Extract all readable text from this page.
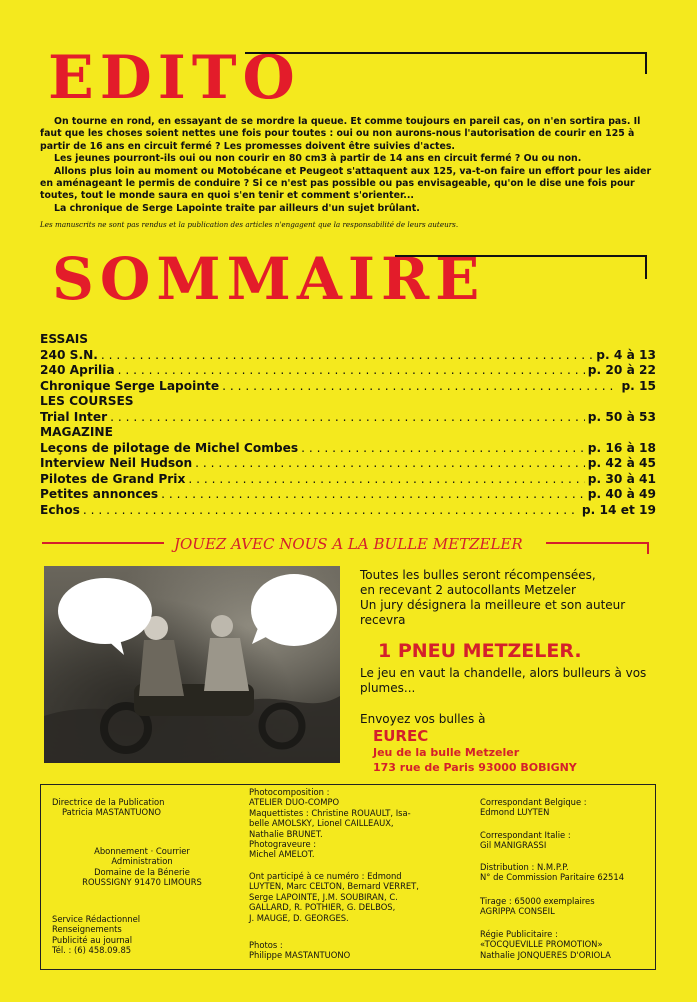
EDITO

On tourne en rond, en essayant de se mordre la queue. Et comme toujours en pareil cas, on n'en sortira pas. Il faut que les choses soient nettes une fois pour toutes : oui ou non aurons-nous l'autorisation de courir en 125 à partir de 16 ans en circuit fermé ? Les promesses doivent être suivies d'actes.

Les jeunes pourront-ils oui ou non courir en 80 cm3 à partir de 14 ans en circuit fermé ? Ou ou non.

Allons plus loin au moment ou Motobécane et Peugeot s'attaquent aux 125, va-t-on faire un effort pour les aider en aménageant le permis de conduire ? Si ce n'est pas possible ou pas envisageable, qu'on le dise une fois pour toutes, tout le monde saura en quoi s'en tenir et comment s'orienter...

La chronique de Serge Lapointe traite par ailleurs d'un sujet brûlant.

Les manuscrits ne sont pas rendus et la publication des articles n'engagent que la responsabilité de leurs auteurs.
SOMMAIRE
ESSAIS
240 S.N. . . .	p. 4 à 13
240 Aprilia . . .	p. 20 à 22
Chronique Serge Lapointe . . .	p. 15
LES COURSES
Trial Inter . . .	p. 50 à 53
MAGAZINE
Leçons de pilotage de Michel Combes . . .	p. 16 à 18
Interview Neil Hudson . . .	p. 42 à 45
Pilotes de Grand Prix . . .	p. 30 à 41
Petites annonces . . .	p. 40 à 49
Echos . . .	p. 14 et 19
JOUEZ AVEC NOUS A LA BULLE METZELER
Toutes les bulles seront récompensées,
en recevant 2 autocollants Metzeler
Un jury désignera la meilleure et son auteur
recevra
1 PNEU METZELER.
Le jeu en vaut la chandelle, alors bulleurs à vos
plumes...
Envoyez vos bulles à
EUREC
Jeu de la bulle Metzeler
173 rue de Paris 93000 BOBIGNY

Directrice de la Publication

Patricia MASTANTUONO

Abonnement · Courrier

Administration

Domaine de la Bénerie

ROUSSIGNY 91470 LIMOURS

Service Rédactionnel

Renseignements

Publicité au journal

Tél. : (6) 458.09.85

Photocomposition :

ATELIER DUO-COMPO

Maquettistes : Christine ROUAULT, Isa-

belle AMOLSKY, Lionel CAILLEAUX,

Nathalie BRUNET.

Photograveure :

Michel AMELOT.

Ont participé à ce numéro : Edmond

LUYTEN, Marc CELTON, Bernard VERRET,

Serge LAPOINTE, J.M. SOUBIRAN, C.

GALLARD, R. POTHIER, G. DELBOS,

J. MAUGE, D. GEORGES.

Photos :

Philippe MASTANTUONO

Correspondant Belgique :

Edmond LUYTEN

Correspondant Italie :

Gil MANIGRASSI

Distribution : N.M.P.P.

N° de Commission Paritaire 62514

Tirage : 65000 exemplaires

AGRIPPA CONSEIL

Régie Publicitaire :

«TOCQUEVILLE PROMOTION»

Nathalie JONQUERES D'ORIOLA
